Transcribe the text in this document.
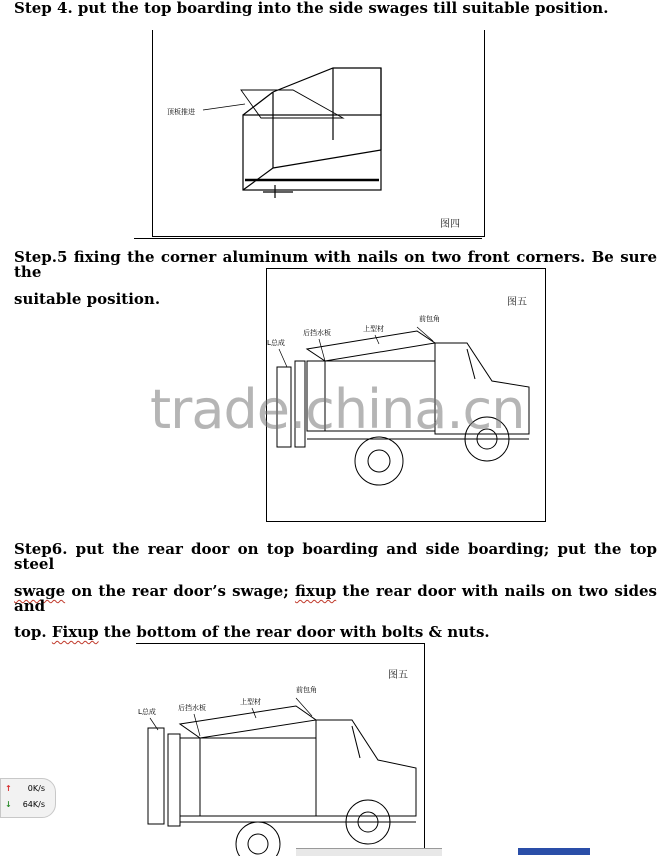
Step 4. put the top boarding into the side swages till suitable position.
顶板推进
图四
Step.5 fixing the corner aluminum with nails on two front corners. Be sure the
suitable position.
L总成
后挡水板	上型材
前包角
图五
trade.china.cn
Step6. put the rear door on top boarding and side boarding; put the top steel
swage on the rear door’s swage; fixup the rear door with nails on two sides and
top. Fixup the bottom of the rear door with bolts & nuts.
L总成	后挡水板
上型材
前包角
图五
↑ 0K/s
↓ 64K/s
